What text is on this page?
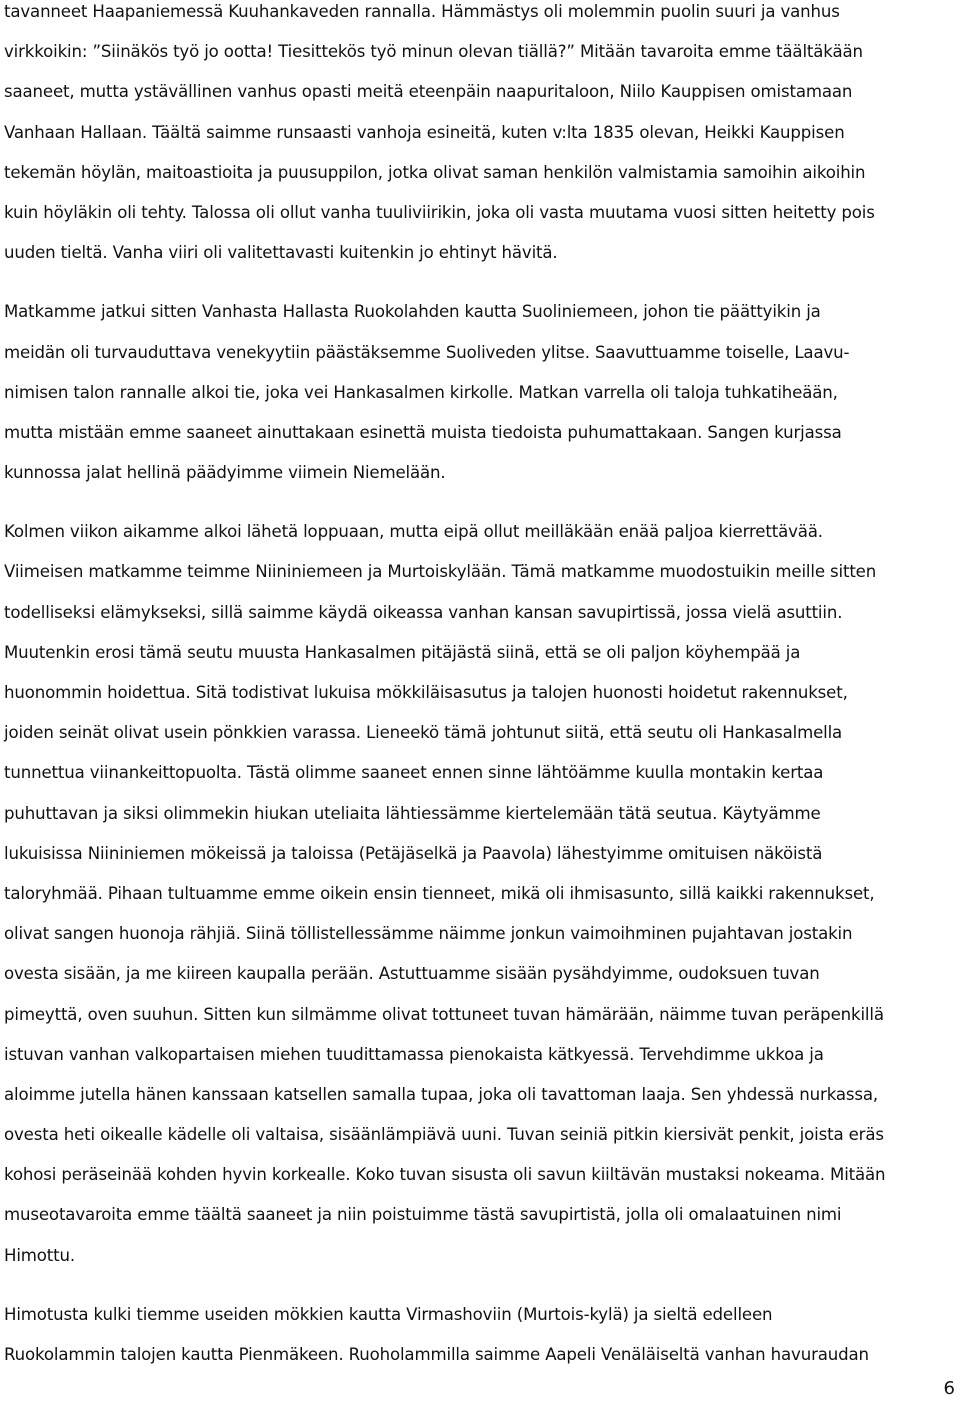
tavanneet Haapaniemessä Kuuhankaveden rannalla. Hämmästys oli molemmin puolin suuri ja vanhus
virkkoikin: ”Siinäkös työ jo ootta! Tiesittekös työ minun olevan tiällä?” Mitään tavaroita emme täältäkään
saaneet, mutta ystävällinen vanhus opasti meitä eteenpäin naapuritaloon, Niilo Kauppisen omistamaan
Vanhaan Hallaan. Täältä saimme runsaasti vanhoja esineitä, kuten v:lta 1835 olevan, Heikki Kauppisen
tekemän höylän, maitoastioita ja puusuppilon, jotka olivat saman henkilön valmistamia samoihin aikoihin
kuin höyläkin oli tehty. Talossa oli ollut vanha tuuliviirikin, joka oli vasta muutama vuosi sitten heitetty pois
uuden tieltä. Vanha viiri oli valitettavasti kuitenkin jo ehtinyt hävitä.
Matkamme jatkui sitten Vanhasta Hallasta Ruokolahden kautta Suoliniemeen, johon tie päättyikin ja
meidän oli turvauduttava venekyytiin päästäksemme Suoliveden ylitse. Saavuttuamme toiselle, Laavu-
nimisen talon rannalle alkoi tie, joka vei Hankasalmen kirkolle. Matkan varrella oli taloja tuhkatiheään,
mutta mistään emme saaneet ainuttakaan esinettä muista tiedoista puhumattakaan. Sangen kurjassa
kunnossa jalat hellinä päädyimme viimein Niemelään.
Kolmen viikon aikamme alkoi lähetä loppuaan, mutta eipä ollut meilläkään enää paljoa kierrettävää.
Viimeisen matkamme teimme Niininiemeen ja Murtoiskylään. Tämä matkamme muodostuikin meille sitten
todelliseksi elämykseksi, sillä saimme käydä oikeassa vanhan kansan savupirtissä, jossa vielä asuttiin.
Muutenkin erosi tämä seutu muusta Hankasalmen pitäjästä siinä, että se oli paljon köyhempää ja
huonommin hoidettua. Sitä todistivat lukuisa mökkiläisasutus ja talojen huonosti hoidetut rakennukset,
joiden seinät olivat usein pönkkien varassa. Lieneekö tämä johtunut siitä, että seutu oli Hankasalmella
tunnettua viinankeittopuolta. Tästä olimme saaneet ennen sinne lähtöämme kuulla montakin kertaa
puhuttavan ja siksi olimmekin hiukan uteliaita lähtiessämme kiertelemään tätä seutua. Käytyämme
lukuisissa Niininiemen mökeissä ja taloissa (Petäjäselkä ja Paavola) lähestyimme omituisen näköistä
taloryhmää. Pihaan tultuamme emme oikein ensin tienneet, mikä oli ihmisasunto, sillä kaikki rakennukset,
olivat sangen huonoja rähjiä. Siinä töllistellessämme näimme jonkun vaimoihminen pujahtavan jostakin
ovesta sisään, ja me kiireen kaupalla perään. Astuttuamme sisään pysähdyimme, oudoksuen tuvan
pimeyttä, oven suuhun. Sitten kun silmämme olivat tottuneet tuvan hämärään, näimme tuvan peräpenkillä
istuvan vanhan valkopartaisen miehen tuudittamassa pienokaista kätkyessä. Tervehdimme ukkoa ja
aloimme jutella hänen kanssaan katsellen samalla tupaa, joka oli tavattoman laaja. Sen yhdessä nurkassa,
ovesta heti oikealle kädelle oli valtaisa, sisäänlämpiävä uuni. Tuvan seiniä pitkin kiersivät penkit, joista eräs
kohosi peräseinää kohden hyvin korkealle. Koko tuvan sisusta oli savun kiiltävän mustaksi nokeama. Mitään
museotavaroita emme täältä saaneet ja niin poistuimme tästä savupirtistä, jolla oli omalaatuinen nimi
Himottu.
Himotusta kulki tiemme useiden mökkien kautta Virmashoviin (Murtois-kylä) ja sieltä edelleen
Ruokolammin talojen kautta Pienmäkeen. Ruoholammilla saimme Aapeli Venäläiseltä vanhan havuraudan
6
